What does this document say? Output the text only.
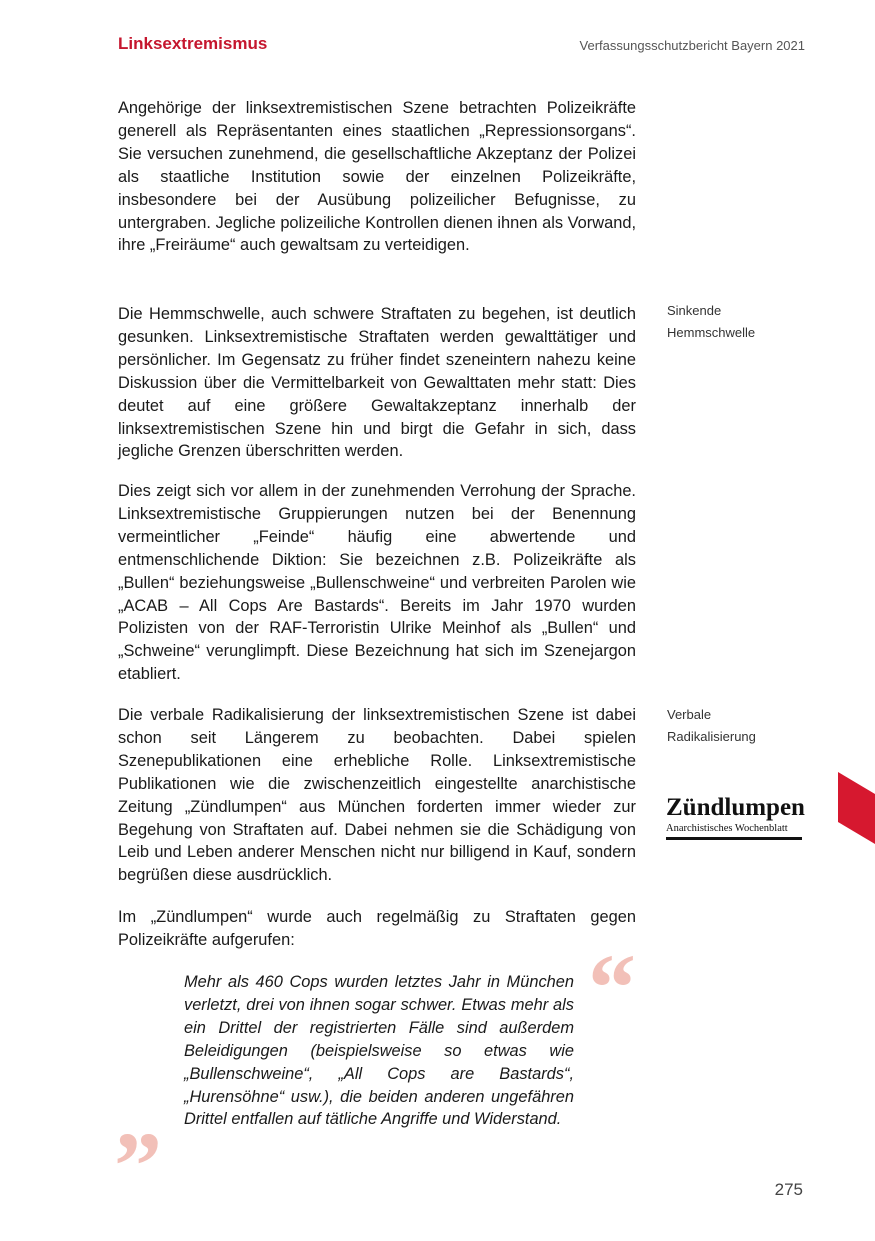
Linksextremismus	Verfassungsschutzbericht Bayern 2021

Angehörige der linksextremistischen Szene betrachten Polizeikräfte generell als Repräsentanten eines staatlichen „Repressionsorgans“. Sie versuchen zunehmend, die gesellschaftliche Akzeptanz der Polizei als staatliche Institution sowie der einzelnen Polizeikräfte, insbesondere bei der Ausübung polizeilicher Befugnisse, zu untergraben. Jegliche polizeiliche Kontrollen dienen ihnen als Vorwand, ihre „Freiräume“ auch gewaltsam zu verteidigen.

Die Hemmschwelle, auch schwere Straftaten zu begehen, ist deutlich gesunken. Linksextremistische Straftaten werden gewalttätiger und persönlicher. Im Gegensatz zu früher findet szeneintern nahezu keine Diskussion über die Vermittelbarkeit von Gewalttaten mehr statt: Dies deutet auf eine größere Gewaltakzeptanz innerhalb der linksextremistischen Szene hin und birgt die Gefahr in sich, dass jegliche Grenzen überschritten werden.

Dies zeigt sich vor allem in der zunehmenden Verrohung der Sprache. Linksextremistische Gruppierungen nutzen bei der Benennung vermeintlicher „Feinde“ häufig eine abwertende und entmenschlichende Diktion: Sie bezeichnen z.B. Polizeikräfte als „Bullen“ beziehungsweise „Bullenschweine“ und verbreiten Parolen wie „ACAB – All Cops Are Bastards“. Bereits im Jahr 1970 wurden Polizisten von der RAF-Terroristin Ulrike Meinhof als „Bullen“ und „Schweine“ verunglimpft. Diese Bezeichnung hat sich im Szenejargon etabliert.

Die verbale Radikalisierung der linksextremistischen Szene ist dabei schon seit Längerem zu beobachten. Dabei spielen Szenepublikationen eine erhebliche Rolle. Linksextremistische Publikationen wie die zwischenzeitlich eingestellte anarchistische Zeitung „Zündlumpen“ aus München forderten immer wieder zur Begehung von Straftaten auf. Dabei nehmen sie die Schädigung von Leib und Leben anderer Menschen nicht nur billigend in Kauf, sondern begrüßen diese ausdrücklich.

Im „Zündlumpen“ wurde auch regelmäßig zu Straftaten gegen Polizeikräfte aufgerufen:

Sinkende
Hemmschwelle
Verbale
Radikalisierung
Zündlumpen
Anarchistisches Wochenblatt
“

Mehr als 460 Cops wurden letztes Jahr in München verletzt, drei von ihnen sogar schwer. Etwas mehr als ein Drittel der registrierten Fälle sind außerdem Beleidigungen (beispielsweise so etwas wie „Bullenschweine“, „All Cops are Bastards“, „Hurensöhne“ usw.), die beiden anderen ungefähren Drittel entfallen auf tätliche Angriffe und Widerstand.

”	275
